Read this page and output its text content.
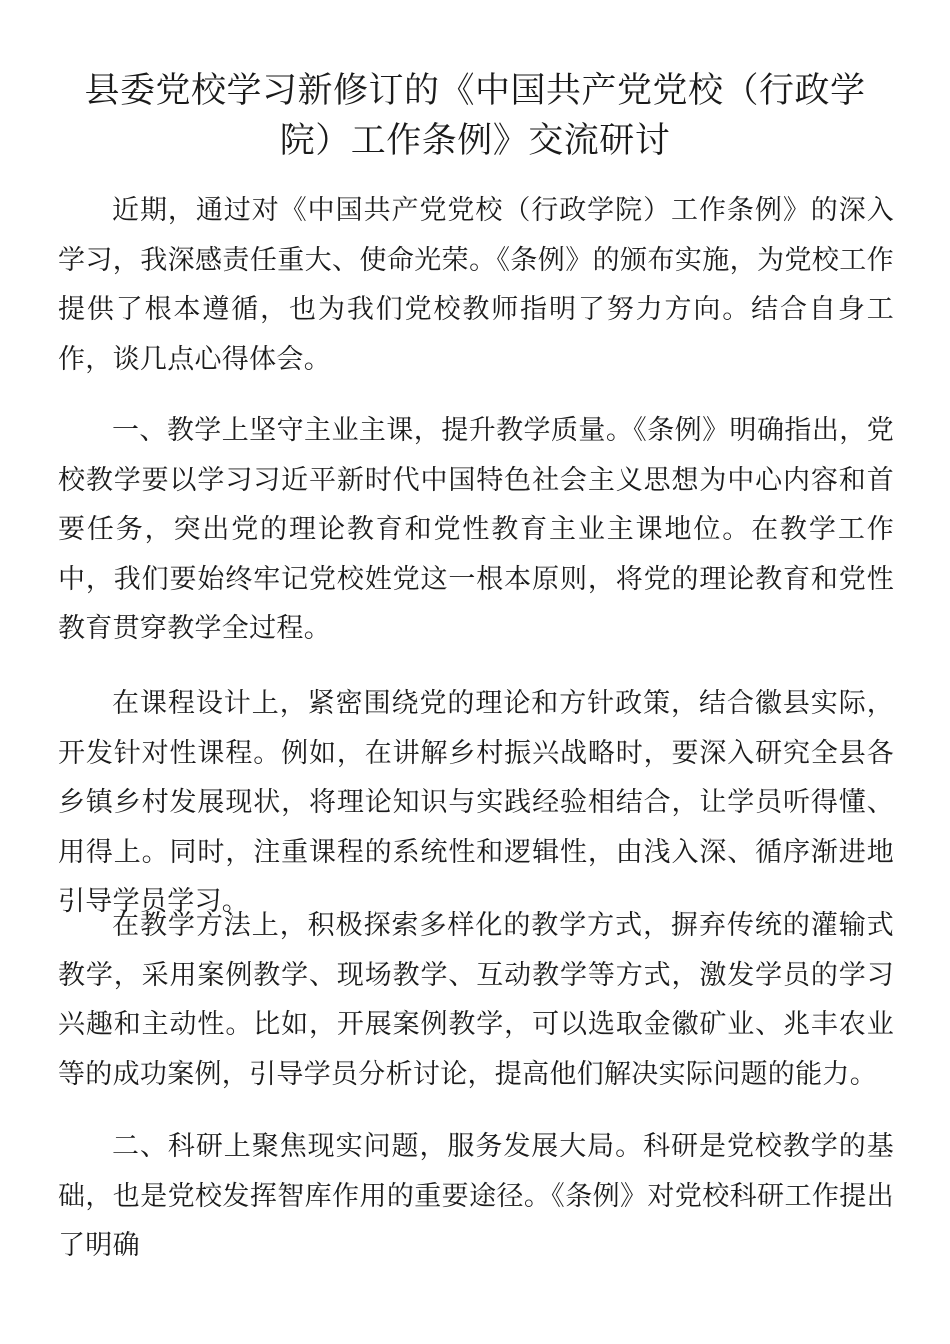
县委党校学习新修订的《中国共产党党校（行政学院）工作条例》交流研讨

近期，通过对《中国共产党党校（行政学院）工作条例》的深入学习，我深感责任重大、使命光荣。《条例》的颁布实施，为党校工作提供了根本遵循，也为我们党校教师指明了努力方向。结合自身工作，谈几点心得体会。

一、教学上坚守主业主课，提升教学质量。《条例》明确指出，党校教学要以学习习近平新时代中国特色社会主义思想为中心内容和首要任务，突出党的理论教育和党性教育主业主课地位。在教学工作中，我们要始终牢记党校姓党这一根本原则，将党的理论教育和党性教育贯穿教学全过程。

在课程设计上，紧密围绕党的理论和方针政策，结合徽县实际，开发针对性课程。例如，在讲解乡村振兴战略时，要深入研究全县各乡镇乡村发展现状，将理论知识与实践经验相结合，让学员听得懂、用得上。同时，注重课程的系统性和逻辑性，由浅入深、循序渐进地引导学员学习。

在教学方法上，积极探索多样化的教学方式，摒弃传统的灌输式教学，采用案例教学、现场教学、互动教学等方式，激发学员的学习兴趣和主动性。比如，开展案例教学，可以选取金徽矿业、兆丰农业等的成功案例，引导学员分析讨论，提高他们解决实际问题的能力。

二、科研上聚焦现实问题，服务发展大局。科研是党校教学的基础，也是党校发挥智库作用的重要途径。《条例》对党校科研工作提出了明确
